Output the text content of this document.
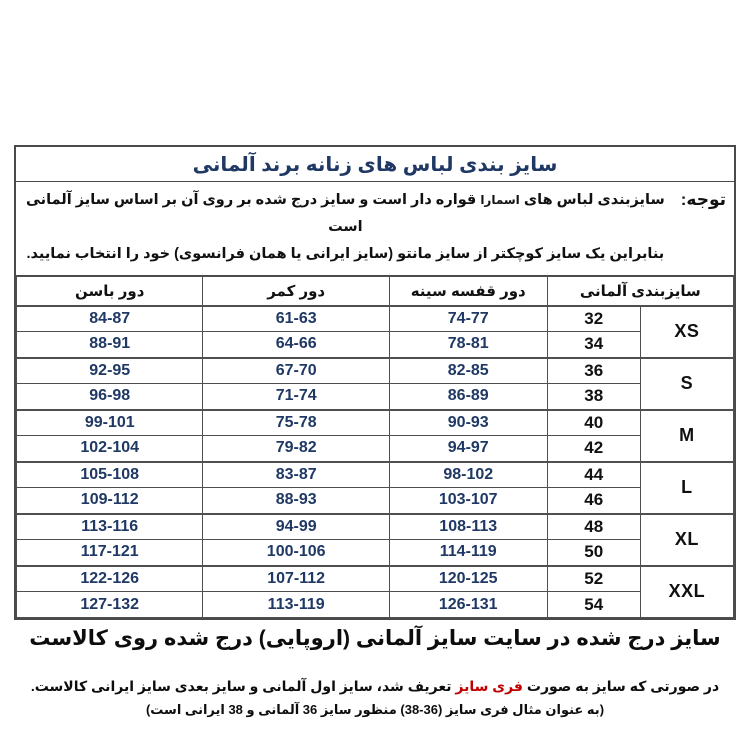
سایز بندی لباس های زنانه برند آلمانی
توجه:
سایزبندی لباس های اسمارا قواره دار است و سایز درج شده بر روی آن بر اساس سایز آلمانی است
بنابراین یک سایز کوچکتر از سایز مانتو (سایز ایرانی یا همان فرانسوی) خود را انتخاب نمایید.
سایزبندی آلمانی		دور قفسه سینه	دور کمر	دور باسن
XS	32	74-77	61-63	84-87
	34	78-81	64-66	88-91
S	36	82-85	67-70	92-95
	38	86-89	71-74	96-98
M	40	90-93	75-78	99-101
	42	94-97	79-82	102-104
L	44	98-102	83-87	105-108
	46	103-107	88-93	109-112
XL	48	108-113	94-99	113-116
	50	114-119	100-106	117-121
XXL	52	120-125	107-112	122-126
	54	126-131	113-119	127-132
سایز درج شده در سایت سایز آلمانی (اروپایی) درج شده روی کالاست
در صورتی که سایز به صورت فری سایز تعریف شد، سایز اول آلمانی و سایز بعدی سایز ایرانی کالاست.
(به عنوان مثال فری سایز (38-36) منظور سایز 36 آلمانی و 38 ایرانی است)
